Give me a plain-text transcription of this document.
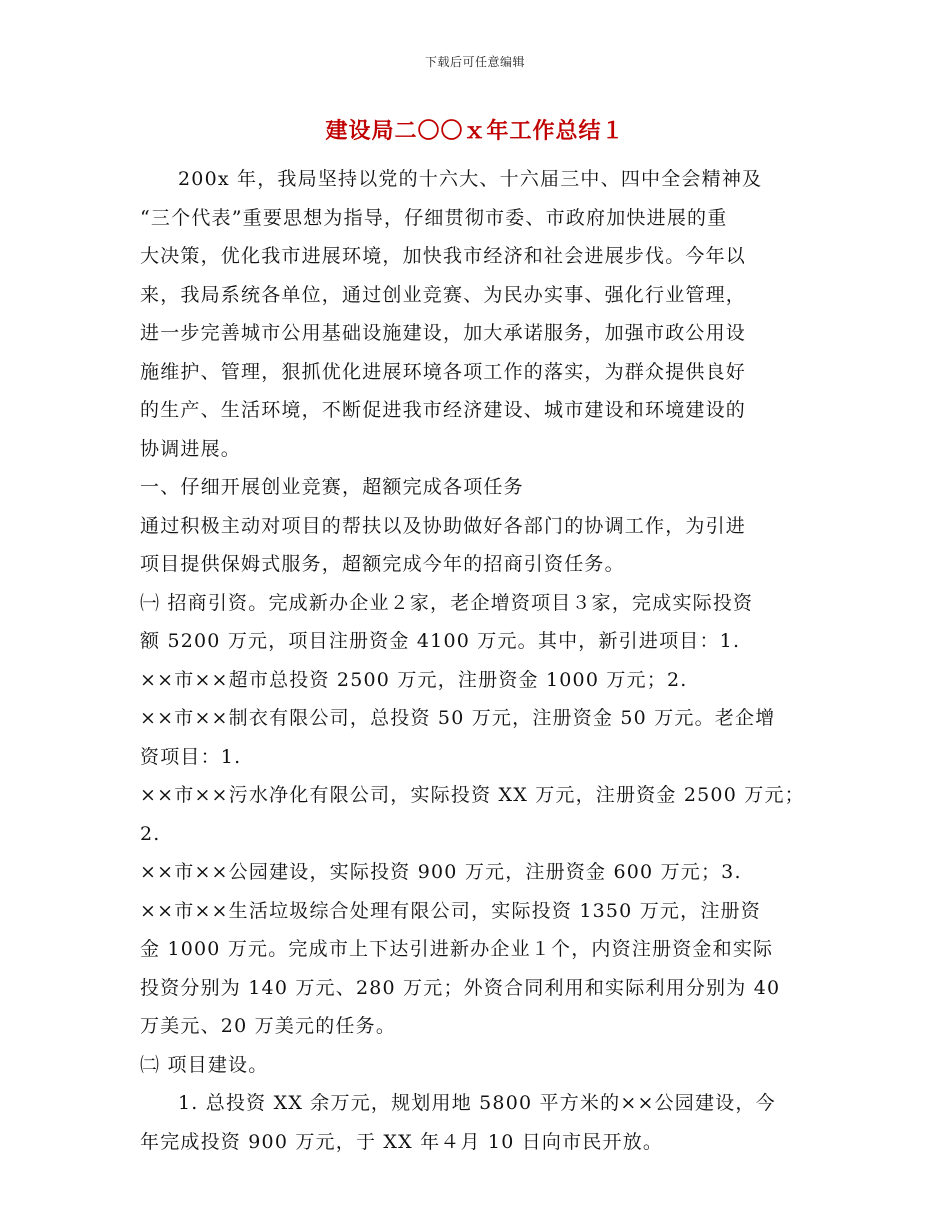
下载后可任意编辑
建设局二〇〇ｘ年工作总结１
200x 年，我局坚持以党的十六大、十六届三中、四中全会精神及
“三个代表”重要思想为指导，仔细贯彻市委、市政府加快进展的重
大决策，优化我市进展环境，加快我市经济和社会进展步伐。今年以
来，我局系统各单位，通过创业竞赛、为民办实事、强化行业管理，
进一步完善城市公用基础设施建设，加大承诺服务，加强市政公用设
施维护、管理，狠抓优化进展环境各项工作的落实，为群众提供良好
的生产、生活环境，不断促进我市经济建设、城市建设和环境建设的
协调进展。
一、仔细开展创业竞赛，超额完成各项任务
通过积极主动对项目的帮扶以及协助做好各部门的协调工作，为引进
项目提供保姆式服务，超额完成今年的招商引资任务。
㈠ 招商引资。完成新办企业２家，老企增资项目３家，完成实际投资
额 5200 万元，项目注册资金 4100 万元。其中，新引进项目：1.
××市××超市总投资 2500 万元，注册资金 1000 万元；2.
××市××制衣有限公司，总投资 50 万元，注册资金 50 万元。老企增
资项目：1.
××市××污水净化有限公司，实际投资 XX 万元，注册资金 2500 万元；
2.
××市××公园建设，实际投资 900 万元，注册资金 600 万元；3.
××市××生活垃圾综合处理有限公司，实际投资 1350 万元，注册资
金 1000 万元。完成市上下达引进新办企业１个，内资注册资金和实际
投资分别为 140 万元、280 万元；外资合同利用和实际利用分别为 40
万美元、20 万美元的任务。
㈡ 项目建设。
1. 总投资 XX 余万元，规划用地 5800 平方米的××公园建设，今
年完成投资 900 万元，于 XX 年４月 10 日向市民开放。
